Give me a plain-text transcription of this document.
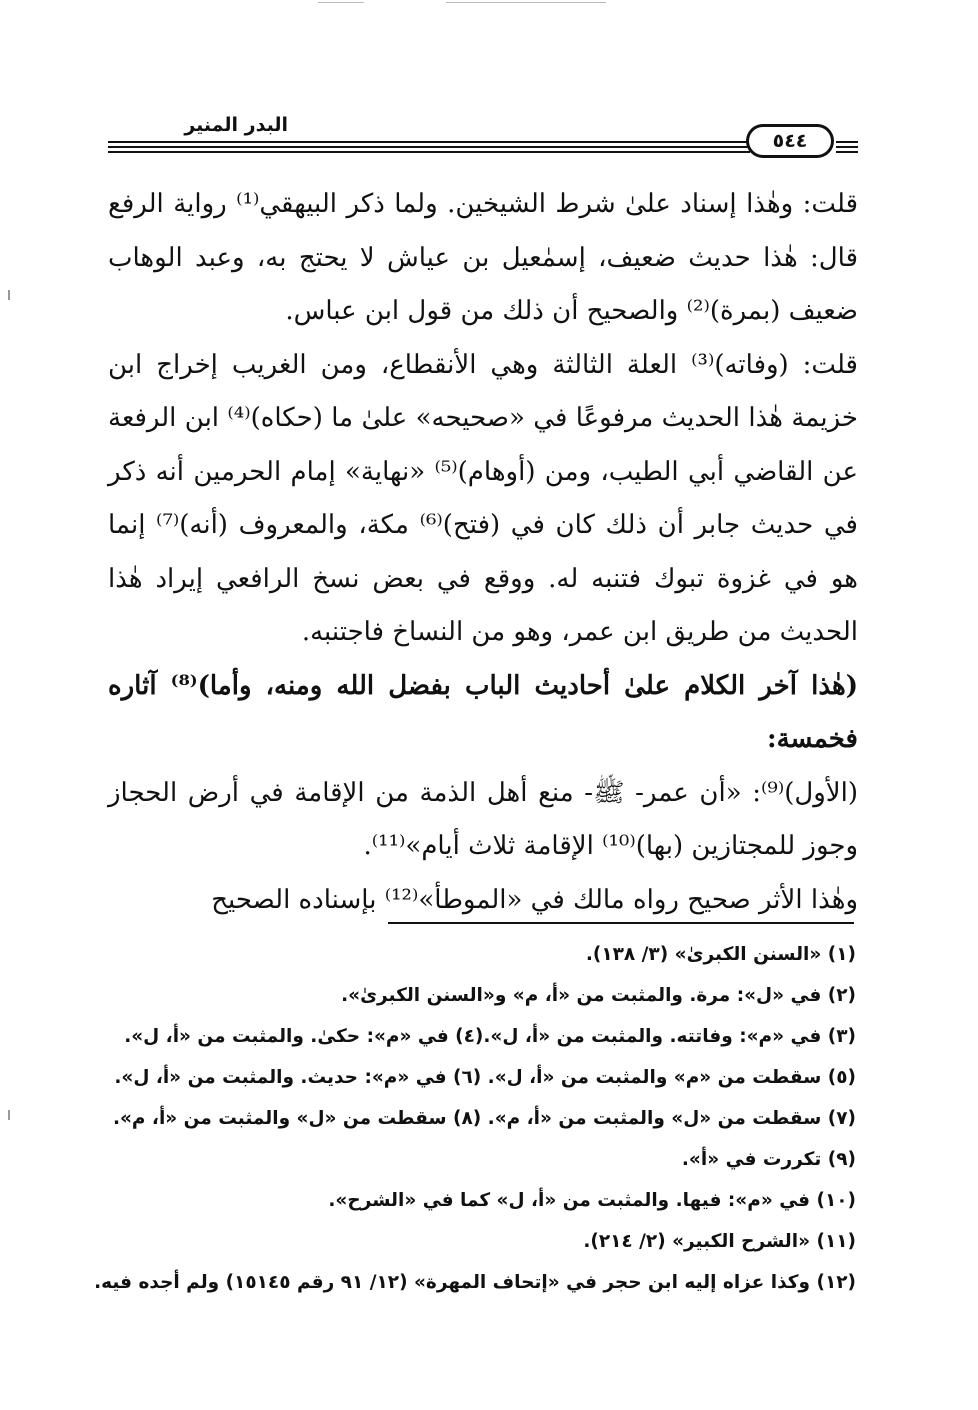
البدر المنير
٥٤٤

قلت: وهٰذا إسناد علىٰ شرط الشيخين. ولما ذكر البيهقي⁽¹⁾ رواية الرفع قال: هٰذا حديث ضعيف، إسمٰعيل بن عياش لا يحتج به، وعبد الوهاب ضعيف (بمرة)⁽²⁾ والصحيح أن ذلك من قول ابن عباس.

قلت: (وفاته)⁽³⁾ العلة الثالثة وهي الأنقطاع، ومن الغريب إخراج ابن خزيمة هٰذا الحديث مرفوعًا في «صحيحه» علىٰ ما (حكاه)⁽⁴⁾ ابن الرفعة عن القاضي أبي الطيب، ومن (أوهام)⁽⁵⁾ «نهاية» إمام الحرمين أنه ذكر في حديث جابر أن ذلك كان في (فتح)⁽⁶⁾ مكة، والمعروف (أنه)⁽⁷⁾ إنما هو في غزوة تبوك فتنبه له. ووقع في بعض نسخ الرافعي إيراد هٰذا الحديث من طريق ابن عمر، وهو من النساخ فاجتنبه.

(هٰذا آخر الكلام علىٰ أحاديث الباب بفضل الله ومنه، وأما)⁽⁸⁾ آثاره فخمسة:

(الأول)⁽⁹⁾: «أن عمر- ﷺ- منع أهل الذمة من الإقامة في أرض الحجاز وجوز للمجتازين (بها)⁽¹⁰⁾ الإقامة ثلاث أيام»⁽¹¹⁾.

وهٰذا الأثر صحيح رواه مالك في «الموطأ»⁽¹²⁾ بإسناده الصحيح

(١) «السنن الكبرىٰ» (٣/ ١٣٨).
(٢) في «ل»: مرة. والمثبت من «أ، م» و«السنن الكبرىٰ».
(٣) في «م»: وفاتته. والمثبت من «أ، ل».(٤) في «م»: حكىٰ. والمثبت من «أ، ل».
(٥) سقطت من «م» والمثبت من «أ، ل». (٦) في «م»: حديث. والمثبت من «أ، ل».
(٧) سقطت من «ل» والمثبت من «أ، م». (٨) سقطت من «ل» والمثبت من «أ، م».
(٩) تكررت في «أ».
(١٠) في «م»: فيها. والمثبت من «أ، ل» كما في «الشرح».
(١١) «الشرح الكبير» (٢/ ٢١٤).
(١٢) وكذا عزاه إليه ابن حجر في «إتحاف المهرة» (١٢/ ٩١ رقم ١٥١٤٥) ولم أجده فيه.
